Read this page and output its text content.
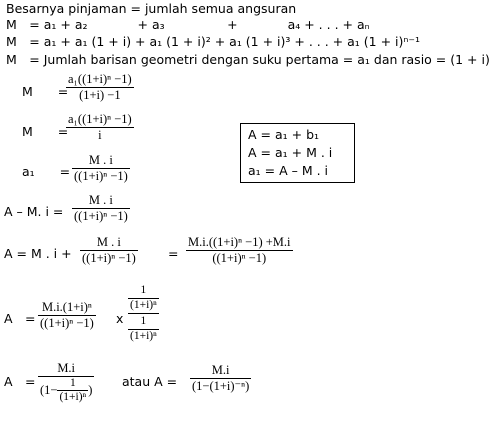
Besarnya pinjaman = jumlah semua angsuran
M = a₁ + a₂    + a₃     +    a₄ + . . . + aₙ
M = a₁ + a₁ (1 + i) + a₁ (1 + i)² + a₁ (1 + i)³ + . . . + a₁ (1 + i)ⁿ⁻¹
M = Jumlah barisan geometri dengan suku pertama = a₁ dan rasio = (1 + i)
M  =
a₁((1+i)ⁿ −1)
(1+i) −1
M  =
a₁((1+i)ⁿ −1)
i
a₁  =
M . i
((1+i)ⁿ −1)
A = a₁ + b₁
A = a₁ + M . i
a₁ = A – M . i
A – M. i =
M . i
((1+i)ⁿ −1)
A = M . i +
M . i
((1+i)ⁿ −1)	=
M.i.((1+i)ⁿ −1) +M.i
((1+i)ⁿ −1)
A =
M.i.(1+i)ⁿ
((1+i)ⁿ −1) x
$\frac{1}{\text{(1+i)ⁿ}}$
$\frac{1}{\text{(1+i)ⁿ}}$
A =
M.i
($1- \frac{1}{\text{(1+i)ⁿ}}$ )
atau A =
M.i
(1−(1+i)⁻ⁿ)
